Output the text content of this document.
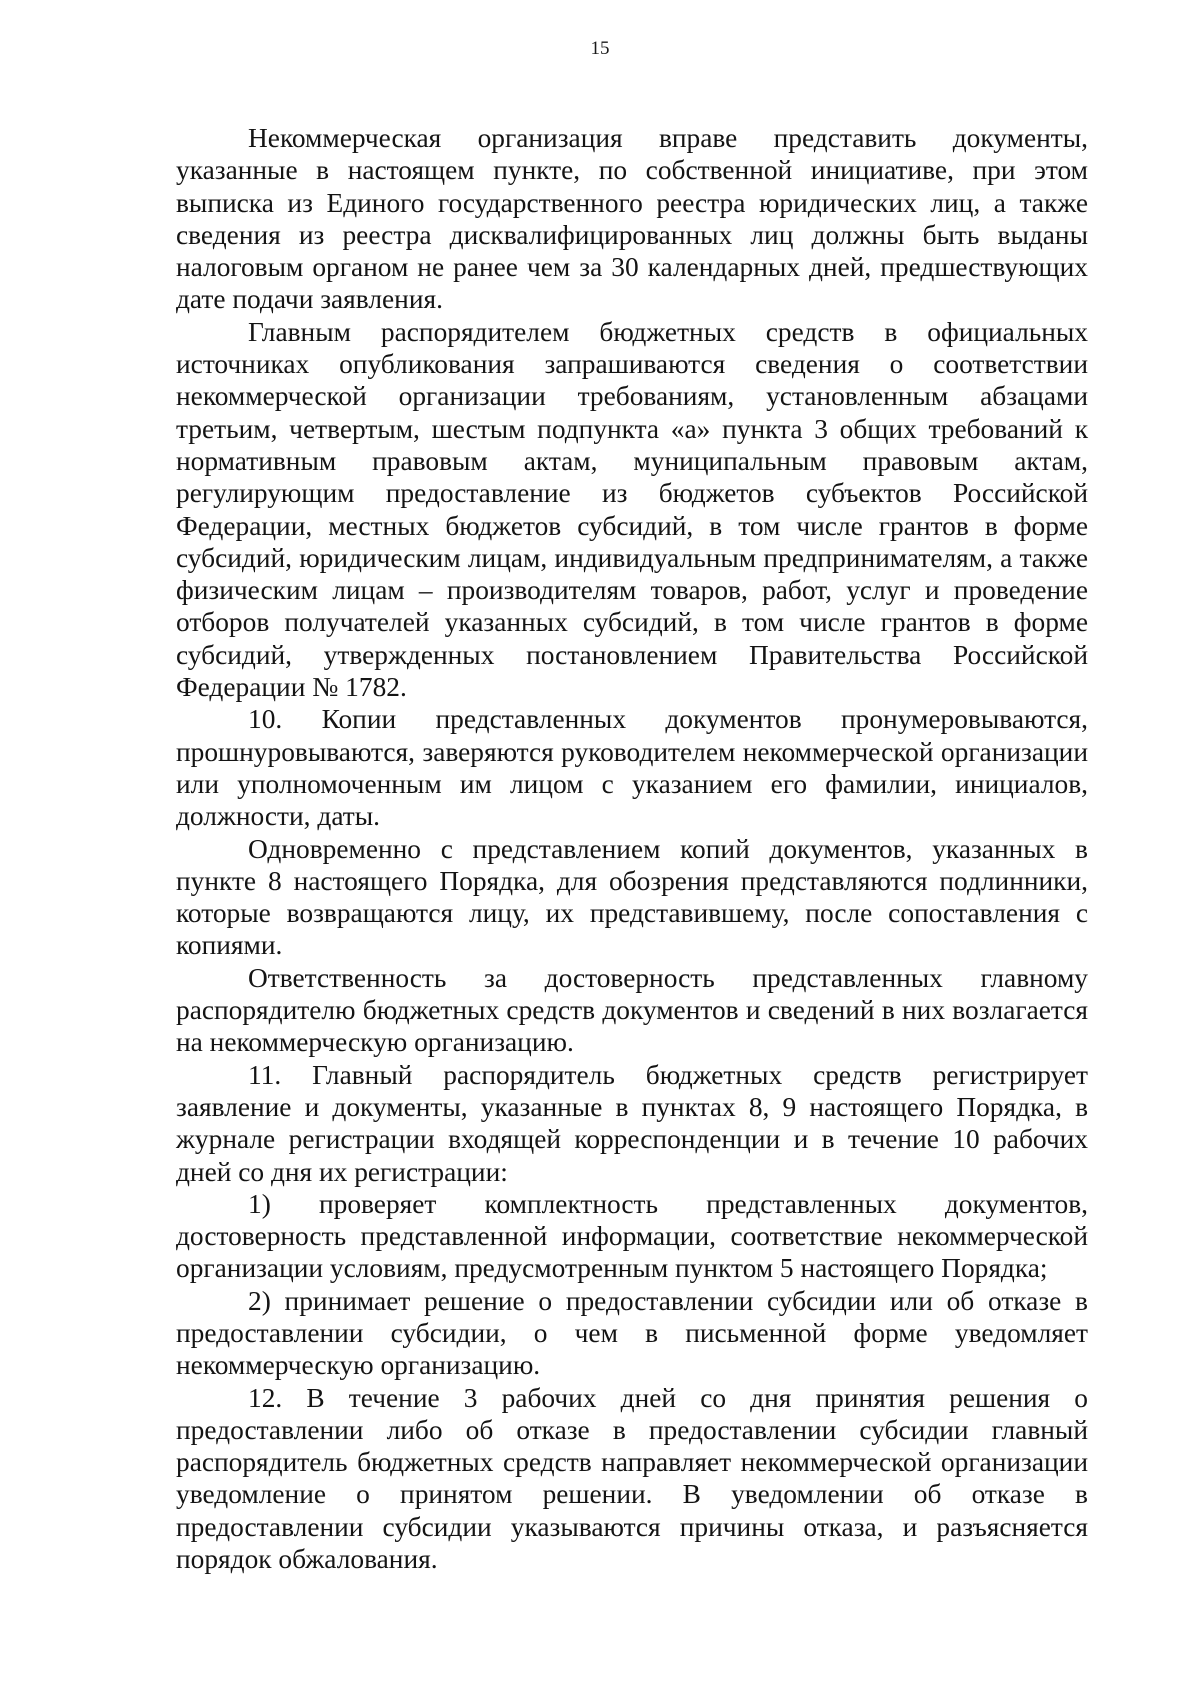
15

Некоммерческая организация вправе представить документы, указанные в настоящем пункте, по собственной инициативе, при этом выписка из Единого государственного реестра юридических лиц, а также сведения из реестра дисквалифицированных лиц должны быть выданы налоговым органом не ранее чем за 30 календарных дней, предшествующих дате подачи заявления.

Главным распорядителем бюджетных средств в официальных источниках опубликования запрашиваются сведения о соответствии некоммерческой организации требованиям, установленным абзацами третьим, четвертым, шестым подпункта «а» пункта 3 общих требований к нормативным правовым актам, муниципальным правовым актам, регулирующим предоставление из бюджетов субъектов Российской Федерации, местных бюджетов субсидий, в том числе грантов в форме субсидий, юридическим лицам, индивидуальным предпринимателям, а также физическим лицам – производителям товаров, работ, услуг и проведение отборов получателей указанных субсидий, в том числе грантов в форме субсидий, утвержденных постановлением Правительства Российской Федерации № 1782.

10. Копии представленных документов пронумеровываются, прошнуровываются, заверяются руководителем некоммерческой организации или уполномоченным им лицом с указанием его фамилии, инициалов, должности, даты.

Одновременно с представлением копий документов, указанных в пункте 8 настоящего Порядка, для обозрения представляются подлинники, которые возвращаются лицу, их представившему, после сопоставления с копиями.

Ответственность за достоверность представленных главному распорядителю бюджетных средств документов и сведений в них возлагается на некоммерческую организацию.

11. Главный распорядитель бюджетных средств регистрирует заявление и документы, указанные в пунктах 8, 9 настоящего Порядка, в журнале регистрации входящей корреспонденции и в течение 10 рабочих дней со дня их регистрации:

1) проверяет комплектность представленных документов, достоверность представленной информации, соответствие некоммерческой организации условиям, предусмотренным пунктом 5 настоящего Порядка;

2) принимает решение о предоставлении субсидии или об отказе в предоставлении субсидии, о чем в письменной форме уведомляет некоммерческую организацию.

12. В течение 3 рабочих дней со дня принятия решения о предоставлении либо об отказе в предоставлении субсидии главный распорядитель бюджетных средств направляет некоммерческой организации уведомление о принятом решении. В уведомлении об отказе в предоставлении субсидии указываются причины отказа, и разъясняется порядок обжалования.
